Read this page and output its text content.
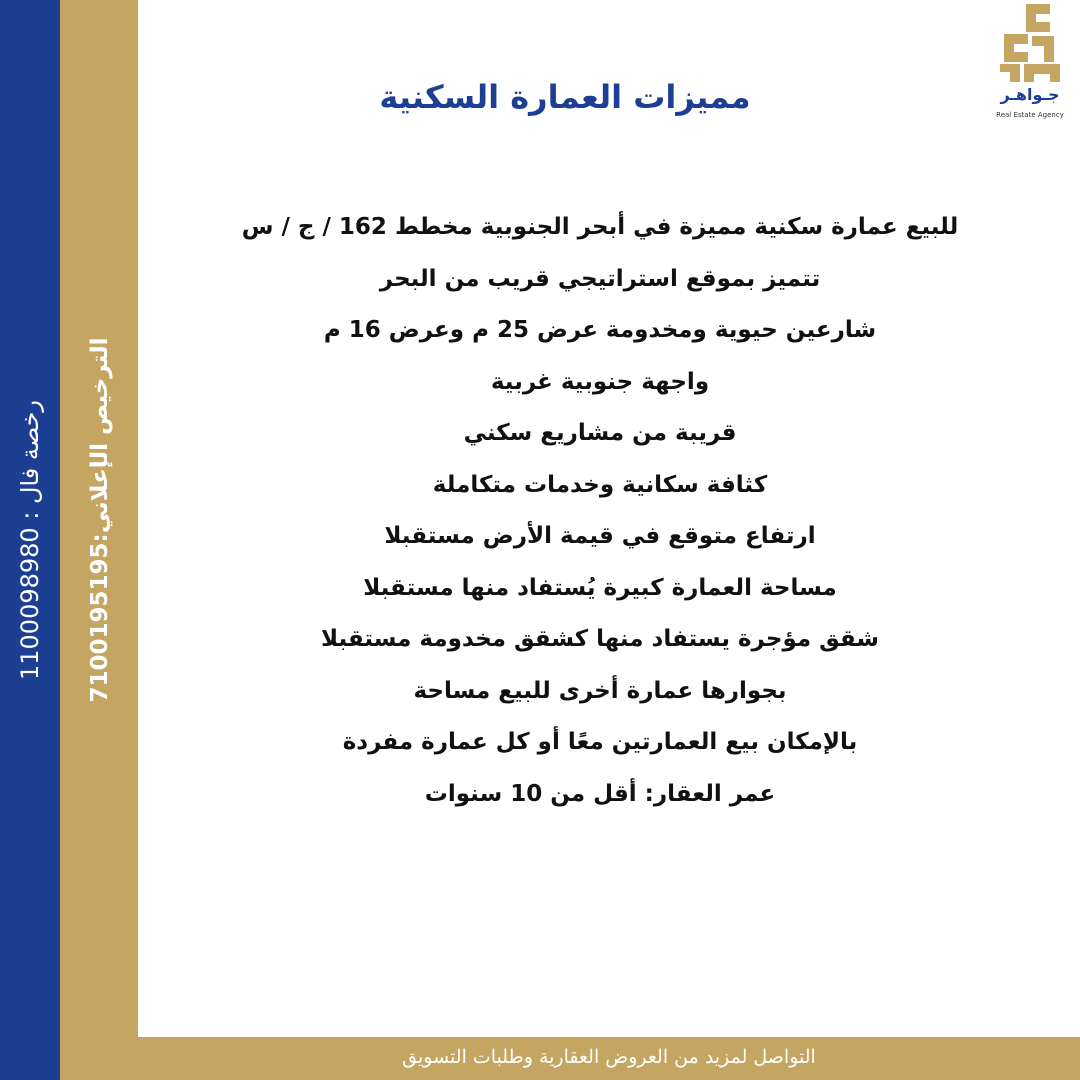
رخصة فال : 1100098980
الترخيص الإعلاني:7100195195
مميزات العمارة السكنية	جـواهـر
Real Estate Agency
للبيع عمارة سكنية مميزة في أبحر الجنوبية مخطط 162 / ج / س
تتميز بموقع استراتيجي قريب من البحر
شارعين حيوية ومخدومة عرض 25 م وعرض 16 م
واجهة جنوبية غربية
قريبة من مشاريع سكني
كثافة سكانية وخدمات متكاملة
ارتفاع متوقع في قيمة الأرض مستقبلا
مساحة العمارة كبيرة يُستفاد منها مستقبلا
شقق مؤجرة يستفاد منها كشقق مخدومة مستقبلا
بجوارها عمارة أخرى للبيع مساحة
بالإمكان بيع العمارتين معًا أو كل عمارة مفردة
عمر العقار: أقل من 10 سنوات
التواصل لمزيد من العروض العقارية وطلبات التسويق
